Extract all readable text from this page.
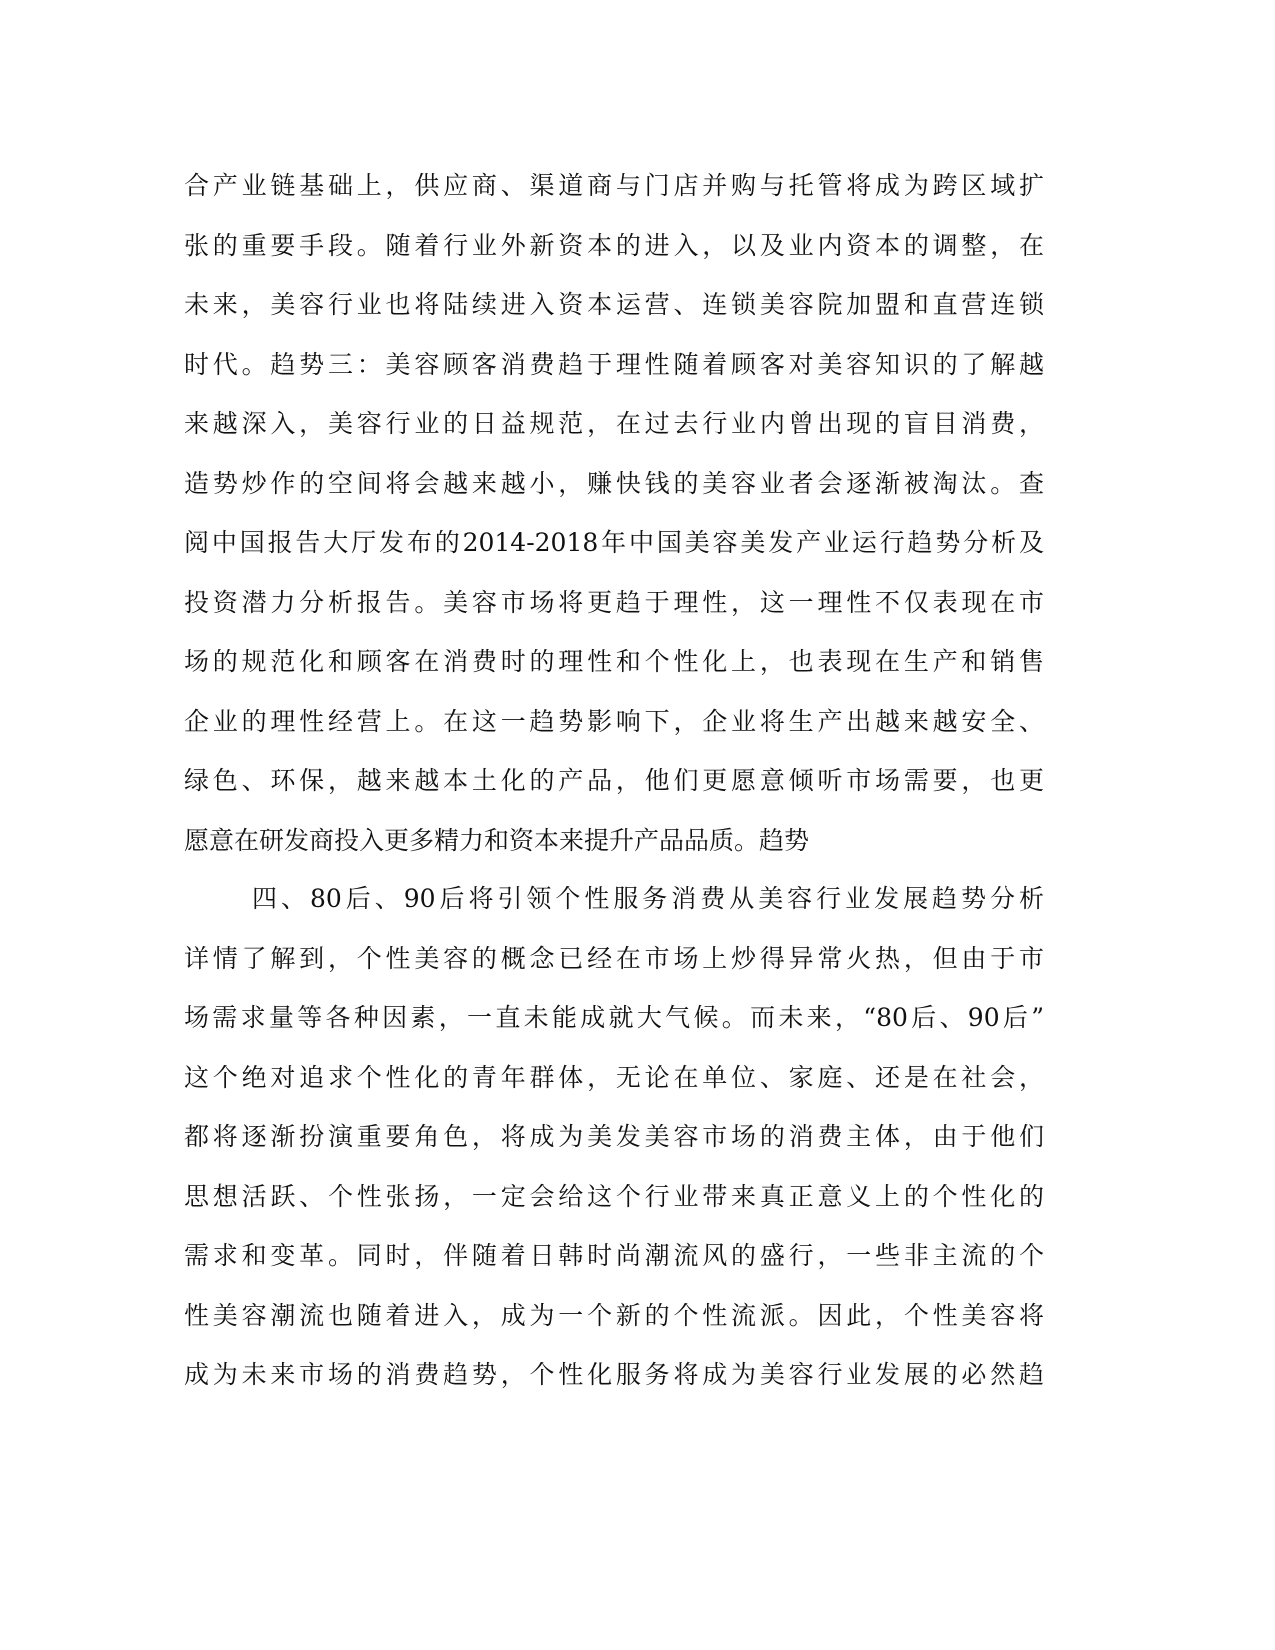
合产业链基础上，供应商、渠道商与门店并购与托管将成为跨区域扩
张的重要手段。随着行业外新资本的进入，以及业内资本的调整，在
未来，美容行业也将陆续进入资本运营、连锁美容院加盟和直营连锁
时代。趋势三：美容顾客消费趋于理性随着顾客对美容知识的了解越
来越深入，美容行业的日益规范，在过去行业内曾出现的盲目消费，
造势炒作的空间将会越来越小，赚快钱的美容业者会逐渐被淘汰。查
阅中国报告大厅发布的2014-2018年中国美容美发产业运行趋势分析及
投资潜力分析报告。美容市场将更趋于理性，这一理性不仅表现在市
场的规范化和顾客在消费时的理性和个性化上，也表现在生产和销售
企业的理性经营上。在这一趋势影响下，企业将生产出越来越安全、
绿色、环保，越来越本土化的产品，他们更愿意倾听市场需要，也更
愿意在研发商投入更多精力和资本来提升产品品质。趋势
四、80后、90后将引领个性服务消费从美容行业发展趋势分析
详情了解到，个性美容的概念已经在市场上炒得异常火热，但由于市
场需求量等各种因素，一直未能成就大气候。而未来，“80后、90后”
这个绝对追求个性化的青年群体，无论在单位、家庭、还是在社会，
都将逐渐扮演重要角色，将成为美发美容市场的消费主体，由于他们
思想活跃、个性张扬，一定会给这个行业带来真正意义上的个性化的
需求和变革。同时，伴随着日韩时尚潮流风的盛行，一些非主流的个
性美容潮流也随着进入，成为一个新的个性流派。因此，个性美容将
成为未来市场的消费趋势，个性化服务将成为美容行业发展的必然趋
